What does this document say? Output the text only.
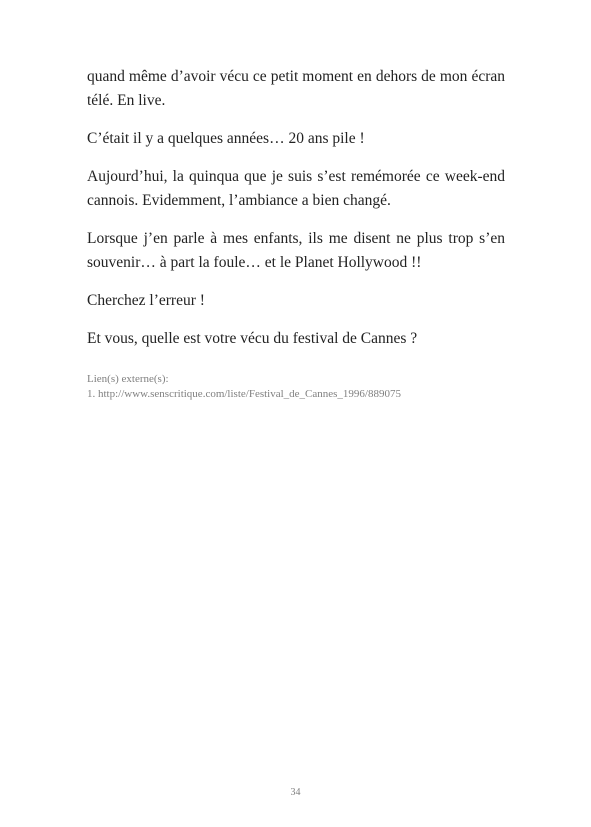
quand même d’avoir vécu ce petit moment en dehors de mon écran télé. En live.

C’était il y a quelques années… 20 ans pile !

Aujourd’hui, la quinqua que je suis s’est remémorée ce week-end cannois. Evidemment, l’ambiance a bien changé.

Lorsque j’en parle à mes enfants, ils me disent ne plus trop s’en souvenir… à part la foule… et le Planet Hollywood !!

Cherchez l’erreur !

Et vous, quelle est votre vécu du festival de Cannes ?

Lien(s) externe(s):

1. http://www.senscritique.com/liste/Festival_de_Cannes_1996/889075

34
